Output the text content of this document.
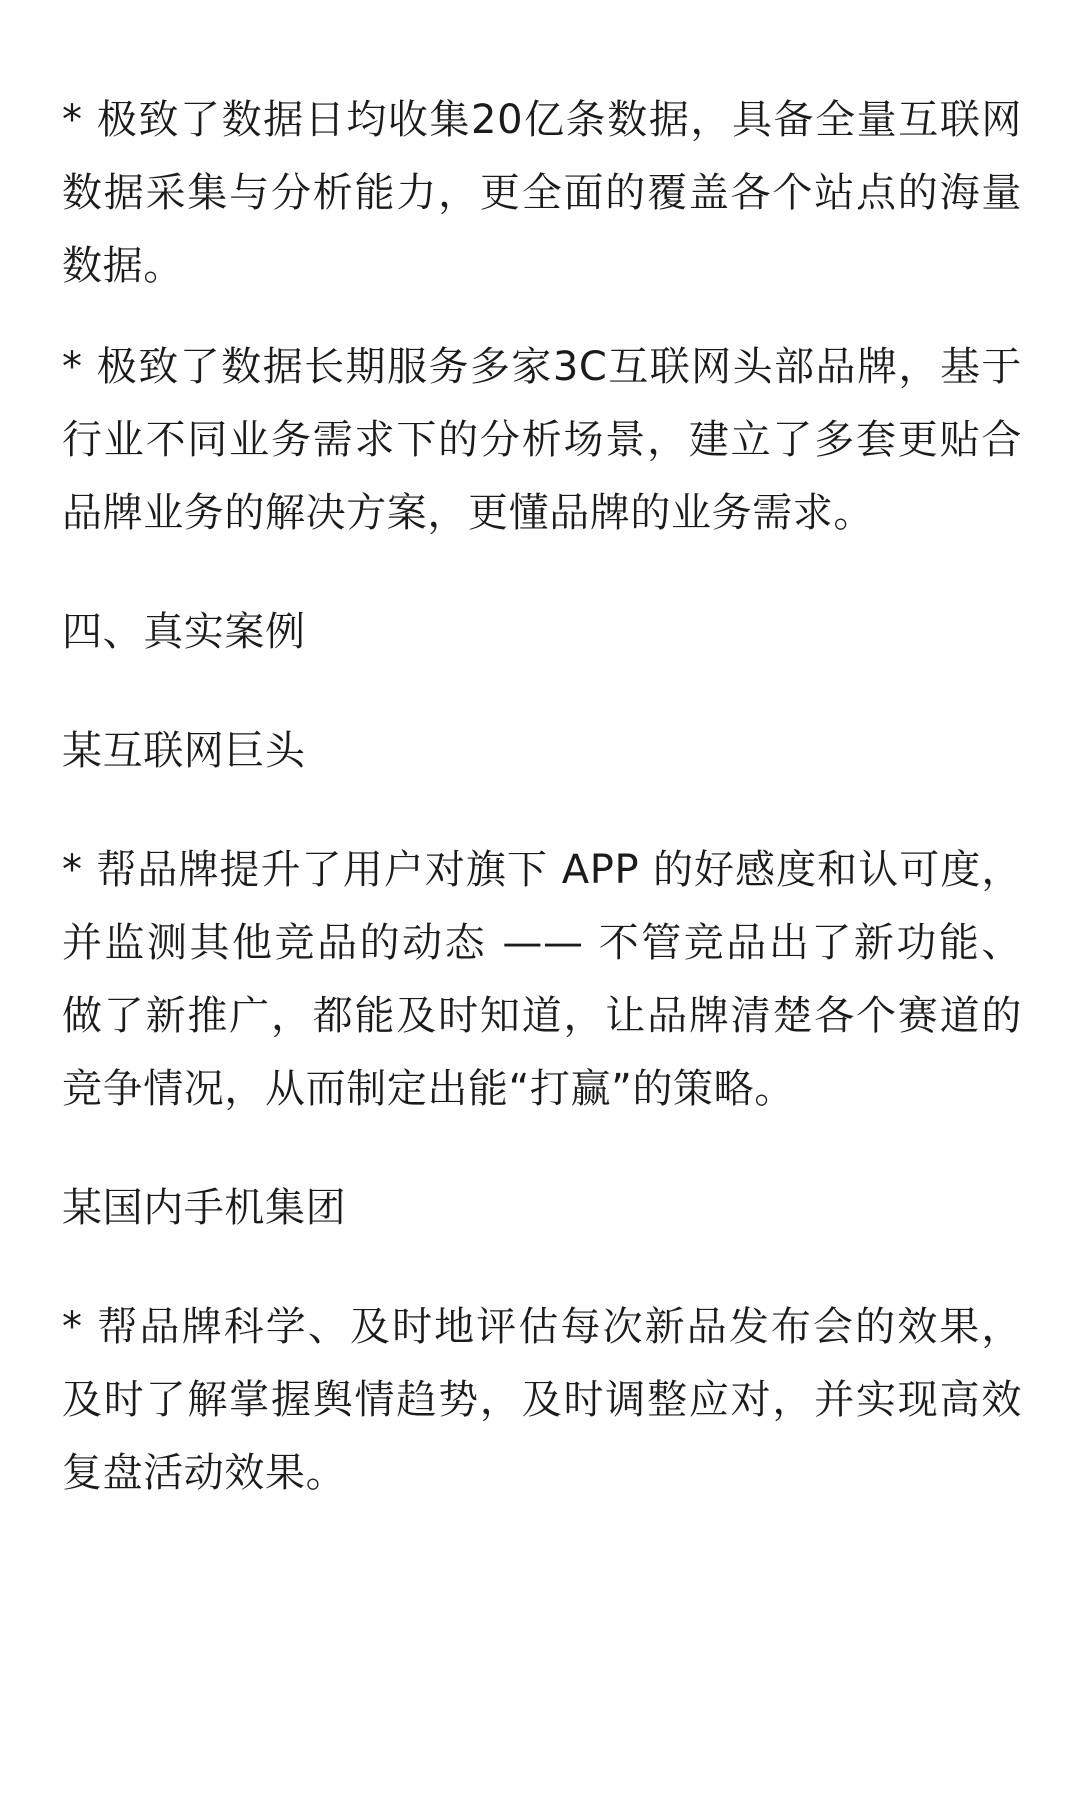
* 极致了数据日均收集20亿条数据，具备全量互联网数据采集与分析能力，更全面的覆盖各个站点的海量数据。

* 极致了数据长期服务多家3C互联网头部品牌，基于行业不同业务需求下的分析场景，建立了多套更贴合品牌业务的解决方案，更懂品牌的业务需求。

四、真实案例
某互联网巨头

* 帮品牌提升了用户对旗下 APP 的好感度和认可度，并监测其他竞品的动态 —— 不管竞品出了新功能、做了新推广，都能及时知道，让品牌清楚各个赛道的竞争情况，从而制定出能“打赢”的策略。

某国内手机集团

* 帮品牌科学、及时地评估每次新品发布会的效果，及时了解掌握舆情趋势，及时调整应对，并实现高效复盘活动效果。
